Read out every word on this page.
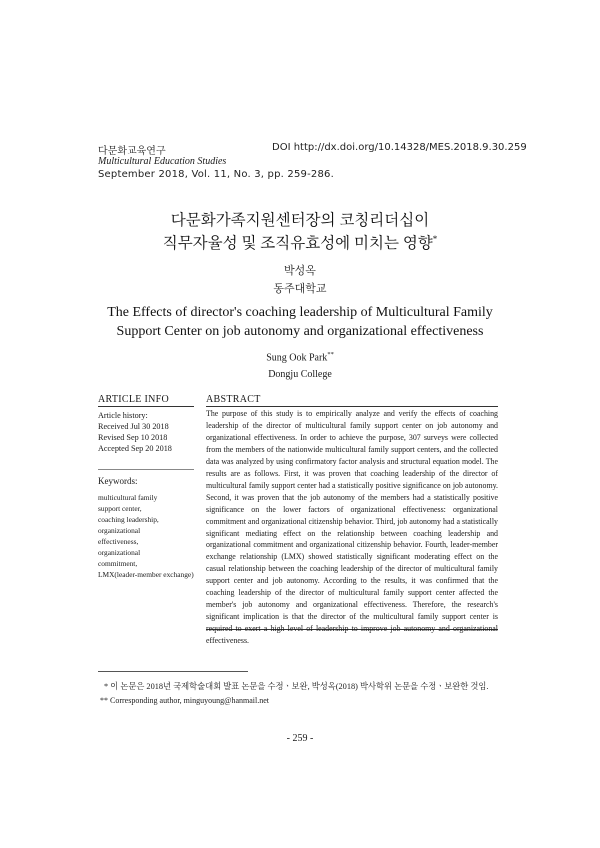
다문화교육연구	DOI http://dx.doi.org/10.14328/MES.2018.9.30.259
Multicultural Education Studies
September 2018, Vol. 11, No. 3, pp. 259-286.
다문화가족지원센터장의 코칭리더십이
직무자율성 및 조직유효성에 미치는 영향*
박성옥
동주대학교
The Effects of director's coaching leadership of Multicultural Family
Support Center on job autonomy and organizational effectiveness
Sung Ook Park**
Dongju College
ARTICLE INFO	ABSTRACT
Article history:
Received Jul 30 2018
Revised Sep 10 2018
Accepted Sep 20 2018
Keywords:
multicultural family
support center,
coaching leadership,
organizational
effectiveness,
organizational
commitment,
LMX(leader-member exchange)
The purpose of this study is to empirically analyze and verify the effects of coaching leadership of the director of multicultural family support center on job autonomy and organizational effectiveness. In order to achieve the purpose, 307 surveys were collected from the members of the nationwide multicultural family support centers, and the collected data was analyzed by using confirmatory factor analysis and structural equation model. The results are as follows. First, it was proven that coaching leadership of the director of multicultural family support center had a statistically positive significance on job autonomy. Second, it was proven that the job autonomy of the members had a statistically positive significance on the lower factors of organizational effectiveness: organizational commitment and organizational citizenship behavior. Third, job autonomy had a statistically significant mediating effect on the relationship between coaching leadership and organizational commitment and organizational citizenship behavior. Fourth, leader-member exchange relationship (LMX) showed statistically significant moderating effect on the casual relationship between the coaching leadership of the director of multicultural family support center and job autonomy. According to the results, it was confirmed that the coaching leadership of the director of multicultural family support center affected the member's job autonomy and organizational effectiveness. Therefore, the research's significant implication is that the director of the multicultural family support center is required to exert a high level of leadership to improve job autonomy and organizational effectiveness.
* 이 논문은 2018년 국제학술대회 발표 논문을 수정ㆍ보완, 박성옥(2018) 박사학위 논문을 수정ㆍ보완한 것임.
** Corresponding author, minguyoung@hanmail.net
- 259 -
